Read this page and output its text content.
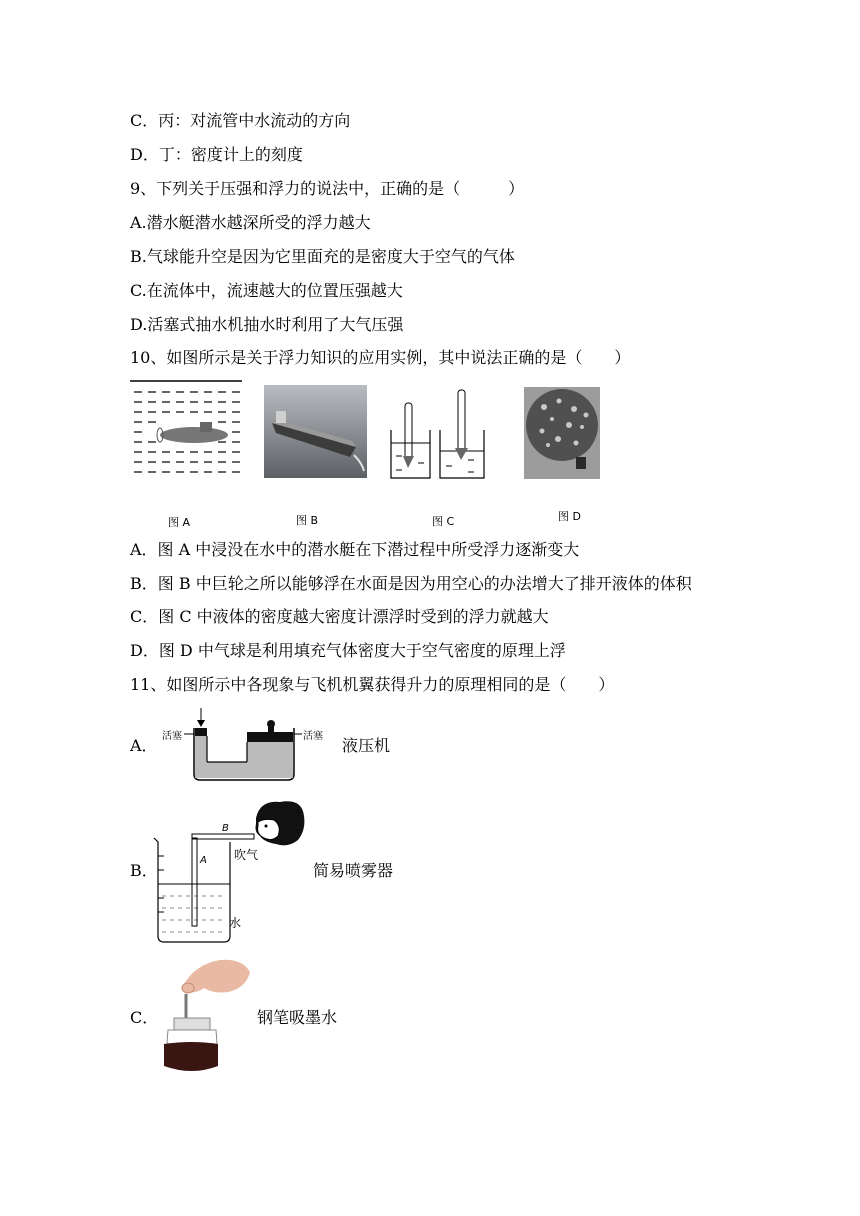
C．丙：对流管中水流动的方向
D．丁：密度计上的刻度
9、下列关于压强和浮力的说法中，正确的是（　　　）
A.潜水艇潜水越深所受的浮力越大
B.气球能升空是因为它里面充的是密度大于空气的气体
C.在流体中，流速越大的位置压强越大
D.活塞式抽水机抽水时利用了大气压强
10、如图所示是关于浮力知识的应用实例，其中说法正确的是（　　）
图 A	图 B	图 C	图 D
A．图 A 中浸没在水中的潜水艇在下潜过程中所受浮力逐渐变大
B．图 B 中巨轮之所以能够浮在水面是因为用空心的办法增大了排开液体的体积
C．图 C 中液体的密度越大密度计漂浮时受到的浮力就越大
D．图 D 中气球是利用填充气体密度大于空气密度的原理上浮
11、如图所示中各现象与飞机机翼获得升力的原理相同的是（　　）
A． 活塞	活塞 液压机
B．
B
A 吹气
水
简易喷雾器
C．	钢笔吸墨水
